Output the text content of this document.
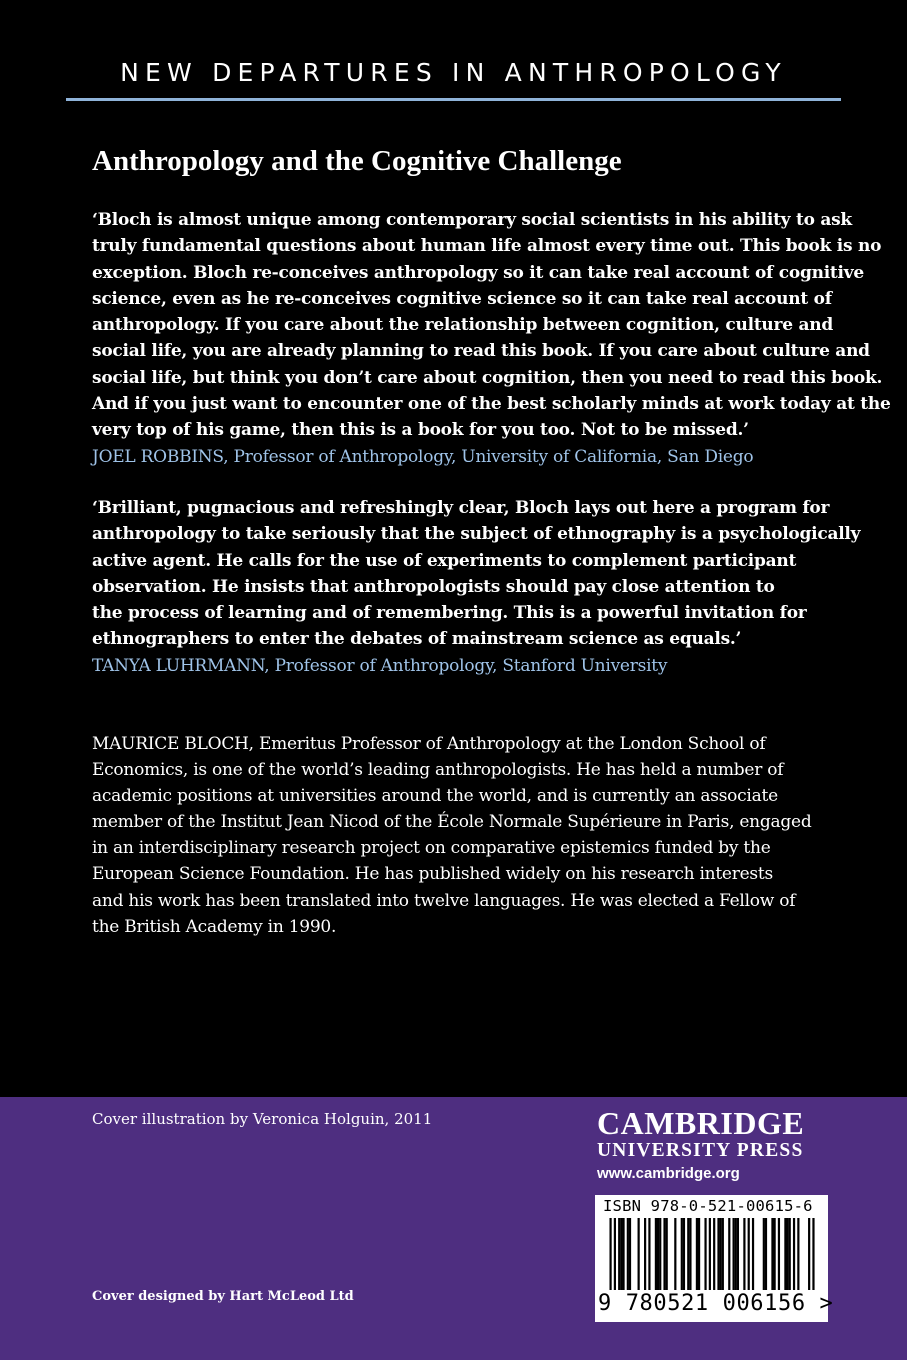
NEW DEPARTURES IN ANTHROPOLOGY
Anthropology and the Cognitive Challenge
‘Bloch is almost unique among contemporary social scientists in his ability to ask
truly fundamental questions about human life almost every time out. This book is no
exception. Bloch re-conceives anthropology so it can take real account of cognitive
science, even as he re-conceives cognitive science so it can take real account of
anthropology. If you care about the relationship between cognition, culture and
social life, you are already planning to read this book. If you care about culture and
social life, but think you don’t care about cognition, then you need to read this book.
And if you just want to encounter one of the best scholarly minds at work today at the
very top of his game, then this is a book for you too. Not to be missed.’
JOEL ROBBINS, Professor of Anthropology, University of California, San Diego
‘Brilliant, pugnacious and refreshingly clear, Bloch lays out here a program for
anthropology to take seriously that the subject of ethnography is a psychologically
active agent. He calls for the use of experiments to complement participant
observation. He insists that anthropologists should pay close attention to
the process of learning and of remembering. This is a powerful invitation for
ethnographers to enter the debates of mainstream science as equals.’
TANYA LUHRMANN, Professor of Anthropology, Stanford University
MAURICE BLOCH, Emeritus Professor of Anthropology at the London School of
Economics, is one of the world’s leading anthropologists. He has held a number of
academic positions at universities around the world, and is currently an associate
member of the Institut Jean Nicod of the École Normale Supérieure in Paris, engaged
in an interdisciplinary research project on comparative epistemics funded by the
European Science Foundation. He has published widely on his research interests
and his work has been translated into twelve languages. He was elected a Fellow of
the British Academy in 1990.
Cover illustration by Veronica Holguin, 2011
Cover designed by Hart McLeod Ltd
CAMBRIDGE
UNIVERSITY PRESS
www.cambridge.org
ISBN 978-0-521-00615-6
9 780521 006156 >
